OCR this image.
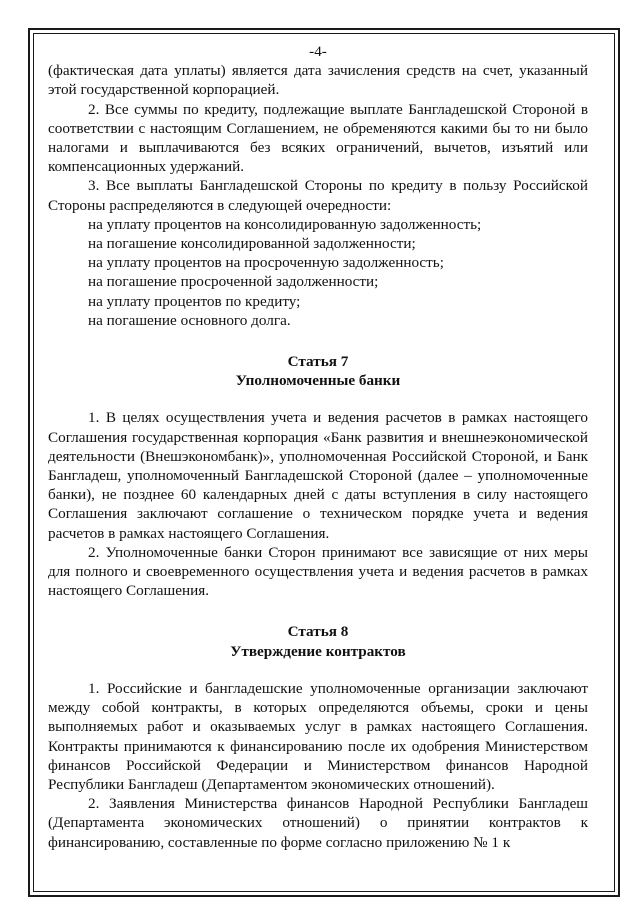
-4-

(фактическая дата уплаты) является дата зачисления средств на счет, указанный этой государственной корпорацией.

2. Все суммы по кредиту, подлежащие выплате Бангладешской Стороной в соответствии с настоящим Соглашением, не обременяются какими бы то ни было налогами и выплачиваются без всяких ограничений, вычетов, изъятий или компенсационных удержаний.

3. Все выплаты Бангладешской Стороны по кредиту в пользу Российской Стороны распределяются в следующей очередности:

на уплату процентов на консолидированную задолженность;

на погашение консолидированной задолженности;

на уплату процентов на просроченную задолженность;

на погашение просроченной задолженности;

на уплату процентов по кредиту;

на погашение основного долга.

Статья 7

Уполномоченные банки

1. В целях осуществления учета и ведения расчетов в рамках настоящего Соглашения государственная корпорация «Банк развития и внешнеэкономической деятельности (Внешэкономбанк)», уполномоченная Российской Стороной, и Банк Бангладеш, уполномоченный Бангладешской Стороной (далее – уполномоченные банки), не позднее 60 календарных дней с даты вступления в силу настоящего Соглашения заключают соглашение о техническом порядке учета и ведения расчетов в рамках настоящего Соглашения.

2. Уполномоченные банки Сторон принимают все зависящие от них меры для полного и своевременного осуществления учета и ведения расчетов в рамках настоящего Соглашения.

Статья 8

Утверждение контрактов

1. Российские и бангладешские уполномоченные организации заключают между собой контракты, в которых определяются объемы, сроки и цены выполняемых работ и оказываемых услуг в рамках настоящего Соглашения. Контракты принимаются к финансированию после их одобрения Министерством финансов Российской Федерации и Министерством финансов Народной Республики Бангладеш (Департаментом экономических отношений).

2. Заявления Министерства финансов Народной Республики Бангладеш (Департамента экономических отношений) о принятии контрактов к финансированию, составленные по форме согласно приложению № 1 к
